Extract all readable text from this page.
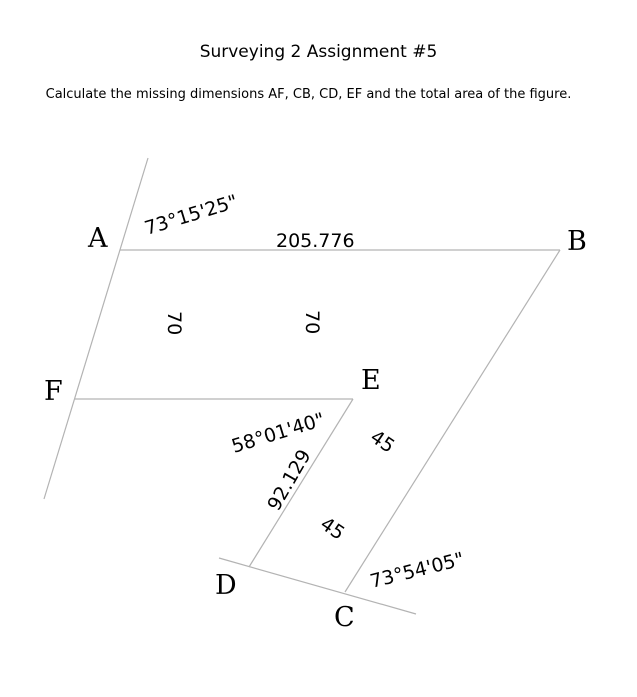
Surveying 2 Assignment #5
Calculate the missing dimensions AF, CB, CD, EF and the total area of the figure.
A	B
C
D
E
F
73°15'25"
205.776
70	70
58°01'40"
92.129
45
45
73°54'05"
